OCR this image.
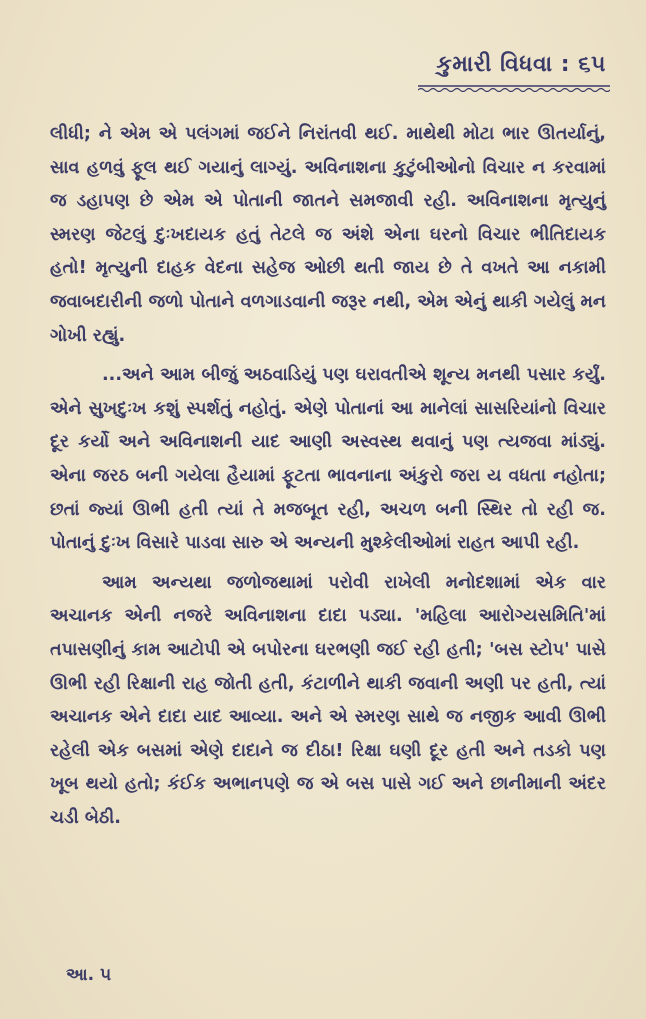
કુમારી વિધવા : ૬૫

લીધી; ને એમ એ પલંગમાં જઈને નિરાંતવી થઈ. માથેથી મોટા ભાર ઊતર્યાનું, સાવ હળવું ફૂલ થઈ ગયાનું લાગ્યું. અવિનાશના કુટુંબીઓનો વિચાર ન કરવામાં જ ડહાપણ છે એમ એ પોતાની જાતને સમજાવી રહી. અવિનાશના મૃત્યુનું સ્મરણ જેટલું દુઃખદાયક હતું તેટલે જ અંશે એના ઘરનો વિચાર ભીતિદાયક હતો! મૃત્યુની દાહક વેદના સહેજ ઓછી થતી જાય છે તે વખતે આ નકામી જવાબદારીની જળો પોતાને વળગાડવાની જરૂર નથી, એમ એનું થાકી ગયેલું મન ગોખી રહ્યું.

...અને આમ બીજું અઠવાડિયું પણ ઘરાવતીએ શૂન્ય મનથી પસાર કર્યું. એને સુખદુઃખ કશું સ્પર્શતું નહોતું. એણે પોતાનાં આ માનેલાં સાસરિયાંનો વિચાર દૂર કર્યો અને અવિનાશની યાદ આણી અસ્વસ્થ થવાનું પણ ત્યજવા માંડ્યું. એના જરઠ બની ગયેલા હૈયામાં ફૂટતા ભાવનાના અંકુરો જરા ય વધતા નહોતા; છતાં જ્યાં ઊભી હતી ત્યાં તે મજબૂત રહી, અચળ બની સ્થિર તો રહી જ. પોતાનું દુઃખ વિસારે પાડવા સારુ એ અન્યની મુશ્કેલીઓમાં રાહત આપી રહી.

આમ અન્યથા જળોજથામાં પરોવી રાખેલી મનોદશામાં એક વાર અચાનક એની નજરે અવિનાશના દાદા પડ્યા. 'મહિલા આરોગ્યસમિતિ'માં તપાસણીનું કામ આટોપી એ બપોરના ઘરભણી જઈ રહી હતી; 'બસ સ્ટોપ' પાસે ઊભી રહી રિક્ષાની રાહ જોતી હતી, કંટાળીને થાકી જવાની અણી પર હતી, ત્યાં અચાનક એને દાદા યાદ આવ્યા. અને એ સ્મરણ સાથે જ નજીક આવી ઊભી રહેલી એક બસમાં એણે દાદાને જ દીઠા! રિક્ષા ઘણી દૂર હતી અને તડકો પણ ખૂબ થયો હતો; કંઈક અભાનપણે જ એ બસ પાસે ગઈ અને છાનીમાની અંદર ચડી બેઠી.

આ. ૫
